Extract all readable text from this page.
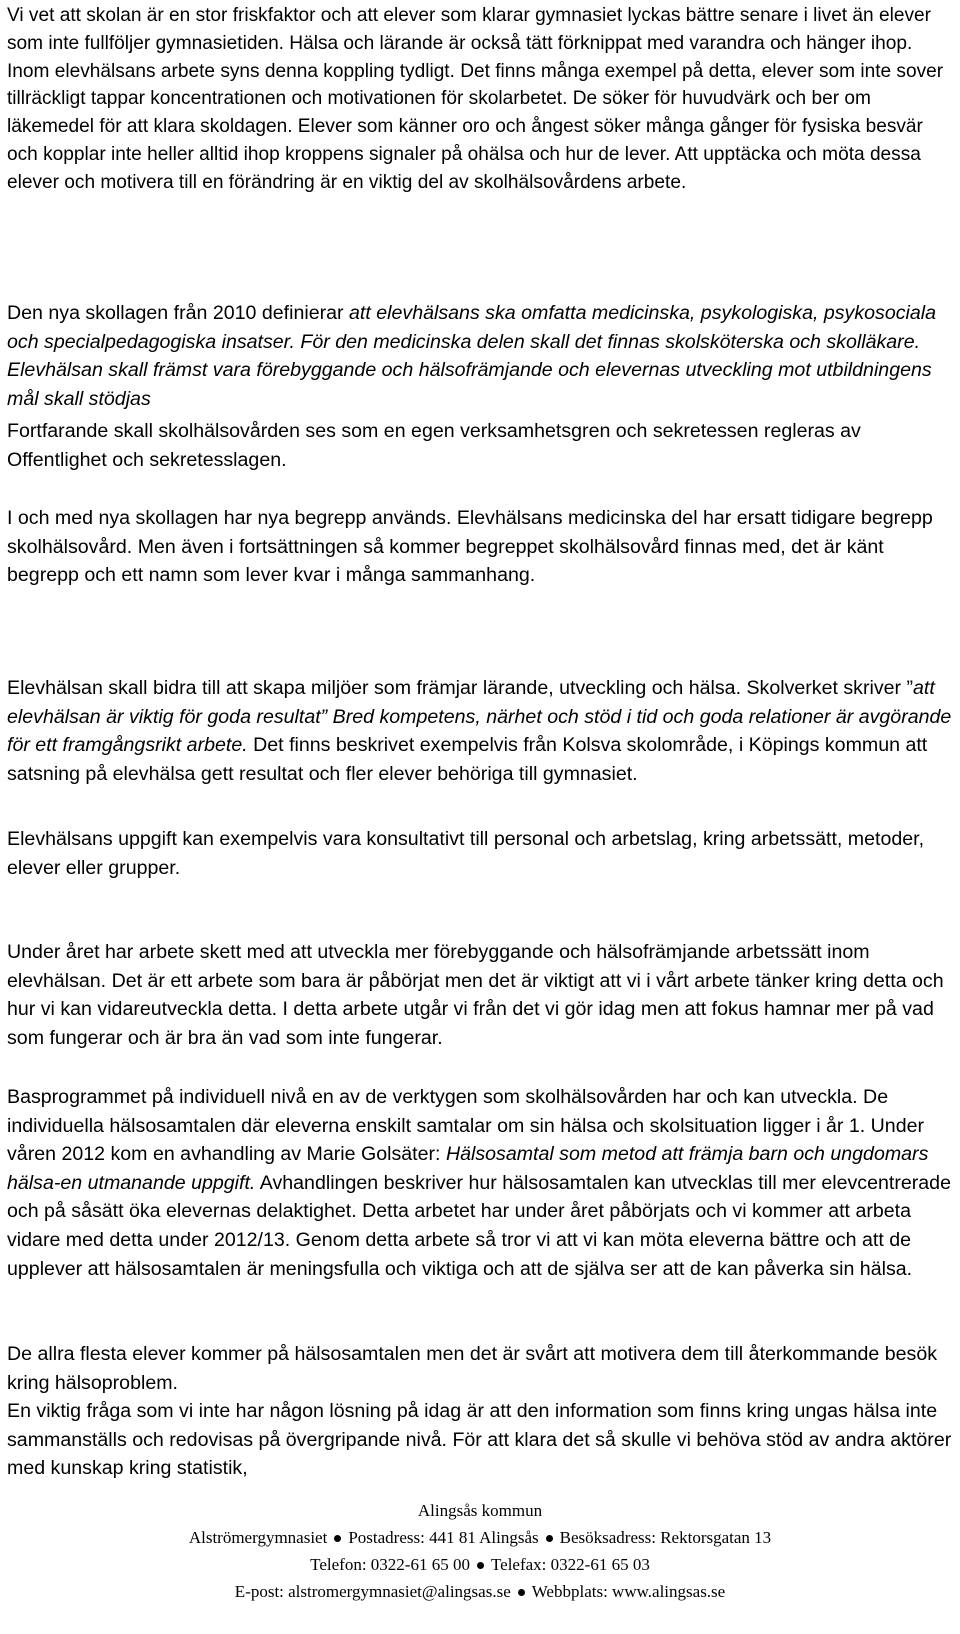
Vi vet att skolan är en stor friskfaktor och att elever som klarar gymnasiet lyckas bättre senare i livet än elever som inte fullföljer gymnasietiden. Hälsa och lärande är också tätt förknippat med varandra och hänger ihop. Inom elevhälsans arbete syns denna koppling tydligt. Det finns många exempel på detta, elever som inte sover tillräckligt tappar koncentrationen och motivationen för skolarbetet. De söker för huvudvärk och ber om läkemedel för att klara skoldagen. Elever som känner oro och ångest söker många gånger för fysiska besvär och kopplar inte heller alltid ihop kroppens signaler på ohälsa och hur de lever. Att upptäcka och möta dessa elever och motivera till en förändring är en viktig del av skolhälsovårdens arbete.

Den nya skollagen från 2010 definierar att elevhälsans ska omfatta medicinska, psykologiska, psykosociala och specialpedagogiska insatser. För den medicinska delen skall det finnas skolsköterska och skolläkare. Elevhälsan skall främst vara förebyggande och hälsofrämjande och elevernas utveckling mot utbildningens mål skall stödjas

Fortfarande skall skolhälsovården ses som en egen verksamhetsgren och sekretessen regleras av Offentlighet och sekretesslagen.

I och med nya skollagen har nya begrepp används. Elevhälsans medicinska del har ersatt tidigare begrepp skolhälsovård. Men även i fortsättningen så kommer begreppet skolhälsovård finnas med, det är känt begrepp och ett namn som lever kvar i många sammanhang.

Elevhälsan skall bidra till att skapa miljöer som främjar lärande, utveckling och hälsa. Skolverket skriver ”att elevhälsan är viktig för goda resultat” Bred kompetens, närhet och stöd i tid och goda relationer är avgörande för ett framgångsrikt arbete. Det finns beskrivet exempelvis från Kolsva skolområde, i Köpings kommun att satsning på elevhälsa gett resultat och fler elever behöriga till gymnasiet.

Elevhälsans uppgift kan exempelvis vara konsultativt till personal och arbetslag, kring arbetssätt, metoder, elever eller grupper.

Under året har arbete skett med att utveckla mer förebyggande och hälsofrämjande arbetssätt inom elevhälsan. Det är ett arbete som bara är påbörjat men det är viktigt att vi i vårt arbete tänker kring detta och hur vi kan vidareutveckla detta. I detta arbete utgår vi från det vi gör idag men att fokus hamnar mer på vad som fungerar och är bra än vad som inte fungerar.

Basprogrammet på individuell nivå en av de verktygen som skolhälsovården har och kan utveckla. De individuella hälsosamtalen där eleverna enskilt samtalar om sin hälsa och skolsituation ligger i år 1. Under våren 2012 kom en avhandling av Marie Golsäter: Hälsosamtal som metod att främja barn och ungdomars hälsa-en utmanande uppgift. Avhandlingen beskriver hur hälsosamtalen kan utvecklas till mer elevcentrerade och på såsätt öka elevernas delaktighet. Detta arbetet har under året påbörjats och vi kommer att arbeta vidare med detta under 2012/13. Genom detta arbete så tror vi att vi kan möta eleverna bättre och att de upplever att hälsosamtalen är meningsfulla och viktiga och att de själva ser att de kan påverka sin hälsa.

De allra flesta elever kommer på hälsosamtalen men det är svårt att motivera dem till återkommande besök kring hälsoproblem.

En viktig fråga som vi inte har någon lösning på idag är att den information som finns kring ungas hälsa inte sammanställs och redovisas på övergripande nivå. För att klara det så skulle vi behöva stöd av andra aktörer med kunskap kring statistik,

Alingsås kommun
Alströmergymnasiet Postadress: 441 81 Alingsås Besöksadress: Rektorsgatan 13
Telefon: 0322-61 65 00 Telefax: 0322-61 65 03
E-post: alstromergymnasiet@alingsas.se Webbplats: www.alingsas.se
